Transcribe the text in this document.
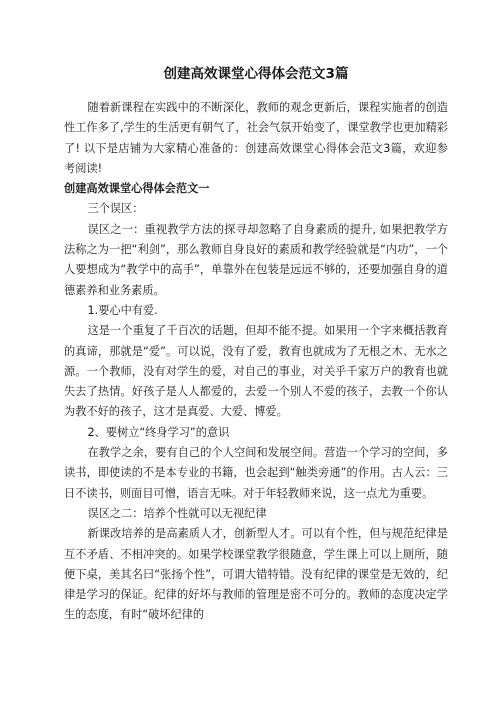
创建高效课堂心得体会范文3篇

随着新课程在实践中的不断深化，教师的观念更新后，课程实施者的创造性工作多了,学生的生活更有朝气了，社会气氛开始变了，课堂教学也更加精彩了! 以下是店铺为大家精心准备的：创建高效课堂心得体会范文3篇，欢迎参考阅读!

创建高效课堂心得体会范文一

三个误区：

误区之一：重视教学方法的探寻却忽略了自身素质的提升, 如果把教学方法称之为一把“利剑”，那么教师自身良好的素质和教学经验就是“内功”，一个人要想成为“教学中的高手”，单靠外在包装是远远不够的，还要加强自身的道德素养和业务素质。

1.要心中有爱.

这是一个重复了千百次的话题，但却不能不提。如果用一个字来概括教育的真谛，那就是“爱”。可以说，没有了爱，教育也就成为了无根之木、无水之源。一个教师，没有对学生的爱，对自己的事业，对关乎千家万户的教育也就失去了热情。好孩子是人人都爱的，去爱一个别人不爱的孩子，去教一个你认为教不好的孩子，这才是真爱、大爱、博爱。

2、要树立“终身学习”的意识

在教学之余，要有自己的个人空间和发展空间。营造一个学习的空间，多读书，即使读的不是本专业的书籍，也会起到“触类旁通”的作用。古人云：三日不读书，则面目可憎，语言无味。对于年轻教师来说，这一点尤为重要。

误区之二：培养个性就可以无视纪律

新课改培养的是高素质人才，创新型人才。可以有个性，但与规范纪律是互不矛盾、不相冲突的。如果学校课堂教学很随意，学生课上可以上厕所，随便下桌，美其名曰“张扬个性”，可谓大错特错。没有纪律的课堂是无效的，纪律是学习的保证。纪律的好坏与教师的管理是密不可分的。教师的态度决定学生的态度，有时“破坏纪律的
